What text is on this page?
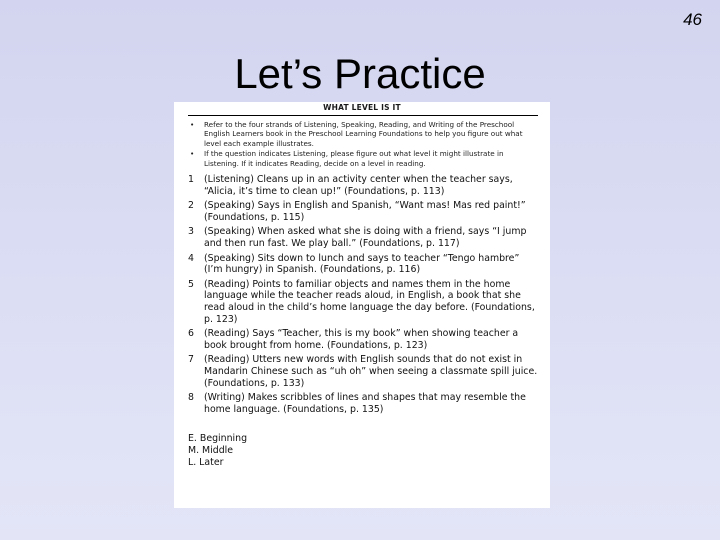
46
Let’s Practice
WHAT LEVEL IS IT
• Refer to the four strands of Listening, Speaking, Reading, and Writing of the Preschool English Learners book in the Preschool Learning Foundations to help you figure out what level each example illustrates.
• If the question indicates Listening, please figure out what level it might illustrate in Listening. If it indicates Reading, decide on a level in reading.
1	(Listening) Cleans up in an activity center when the teacher says, “Alicia, it’s time to clean up!” (Foundations, p. 113)
2	(Speaking) Says in English and Spanish, “Want mas! Mas red paint!” (Foundations, p. 115)
3	(Speaking) When asked what she is doing with a friend, says “I jump and then run fast. We play ball.” (Foundations, p. 117)
4	(Speaking) Sits down to lunch and says to teacher “Tengo hambre” (I’m hungry) in Spanish. (Foundations, p. 116)
5	(Reading) Points to familiar objects and names them in the home language while the teacher reads aloud, in English, a book that she read aloud in the child’s home language the day before. (Foundations, p. 123)
6	(Reading) Says “Teacher, this is my book” when showing teacher a book brought from home. (Foundations, p. 123)
7	(Reading) Utters new words with English sounds that do not exist in Mandarin Chinese such as “uh oh” when seeing a classmate spill juice. (Foundations, p. 133)
8	(Writing) Makes scribbles of lines and shapes that may resemble the home language. (Foundations, p. 135)
E. Beginning
M. Middle
L. Later
